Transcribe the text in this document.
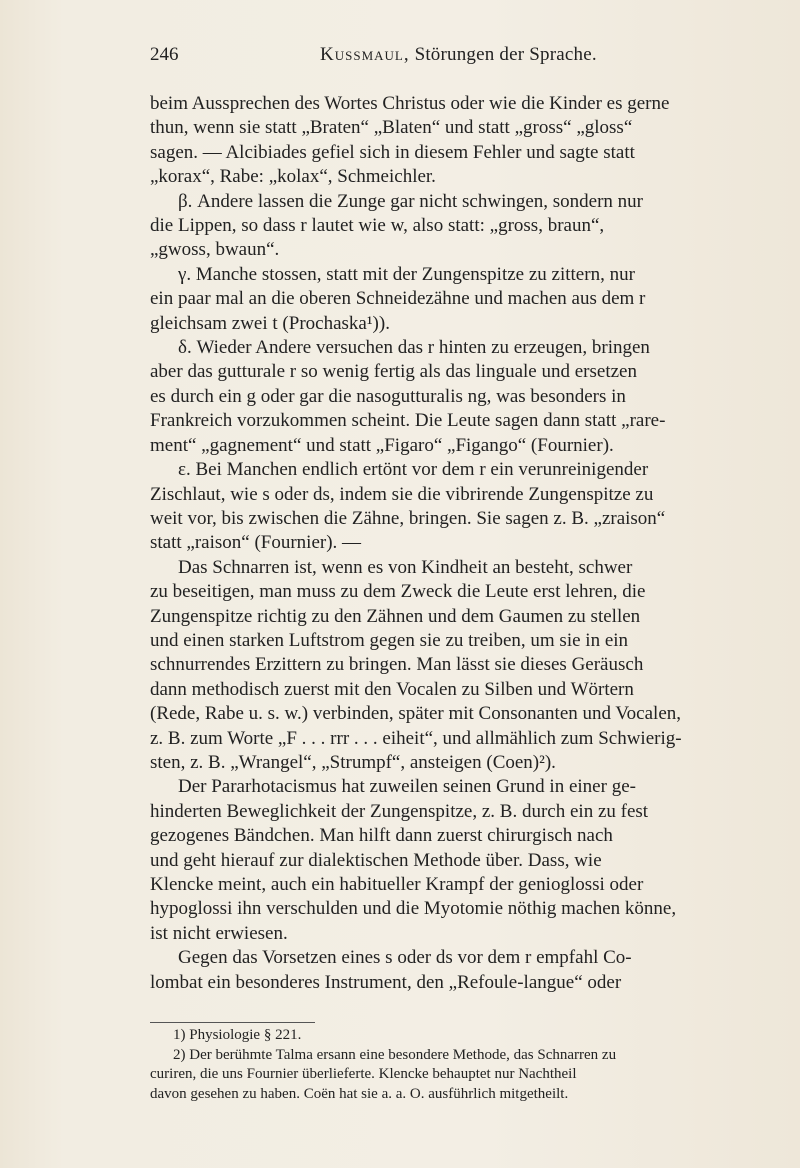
246	Kussmaul, Störungen der Sprache.

beim Aussprechen des Wortes Christus oder wie die Kinder es gerne

thun, wenn sie statt „Braten“ „Blaten“ und statt „gross“ „gloss“

sagen. — Alcibiades gefiel sich in diesem Fehler und sagte statt

„korax“, Rabe: „kolax“, Schmeichler.

β. Andere lassen die Zunge gar nicht schwingen, sondern nur

die Lippen, so dass r lautet wie w, also statt: „gross, braun“,

„gwoss, bwaun“.

γ. Manche stossen, statt mit der Zungenspitze zu zittern, nur

ein paar mal an die oberen Schneidezähne und machen aus dem r

gleichsam zwei t (Prochaska¹)).

δ. Wieder Andere versuchen das r hinten zu erzeugen, bringen

aber das gutturale r so wenig fertig als das linguale und ersetzen

es durch ein g oder gar die nasogutturalis ng, was besonders in

Frankreich vorzukommen scheint. Die Leute sagen dann statt „rare-

ment“ „gagnement“ und statt „Figaro“ „Figango“ (Fournier).

ε. Bei Manchen endlich ertönt vor dem r ein verunreinigender

Zischlaut, wie s oder ds, indem sie die vibrirende Zungenspitze zu

weit vor, bis zwischen die Zähne, bringen. Sie sagen z. B. „zraison“

statt „raison“ (Fournier). —

Das Schnarren ist, wenn es von Kindheit an besteht, schwer

zu beseitigen, man muss zu dem Zweck die Leute erst lehren, die

Zungenspitze richtig zu den Zähnen und dem Gaumen zu stellen

und einen starken Luftstrom gegen sie zu treiben, um sie in ein

schnurrendes Erzittern zu bringen. Man lässt sie dieses Geräusch

dann methodisch zuerst mit den Vocalen zu Silben und Wörtern

(Rede, Rabe u. s. w.) verbinden, später mit Consonanten und Vocalen,

z. B. zum Worte „F . . . rrr . . . eiheit“, und allmählich zum Schwierig-

sten, z. B. „Wrangel“, „Strumpf“, ansteigen (Coen)²).

Der Pararhotacismus hat zuweilen seinen Grund in einer ge-

hinderten Beweglichkeit der Zungenspitze, z. B. durch ein zu fest

gezogenes Bändchen. Man hilft dann zuerst chirurgisch nach

und geht hierauf zur dialektischen Methode über. Dass, wie

Klencke meint, auch ein habitueller Krampf der genioglossi oder

hypoglossi ihn verschulden und die Myotomie nöthig machen könne,

ist nicht erwiesen.

Gegen das Vorsetzen eines s oder ds vor dem r empfahl Co-

lombat ein besonderes Instrument, den „Refoule-langue“ oder

1) Physiologie § 221.

2) Der berühmte Talma ersann eine besondere Methode, das Schnarren zu

curiren, die uns Fournier überlieferte. Klencke behauptet nur Nachtheil

davon gesehen zu haben. Coën hat sie a. a. O. ausführlich mitgetheilt.
